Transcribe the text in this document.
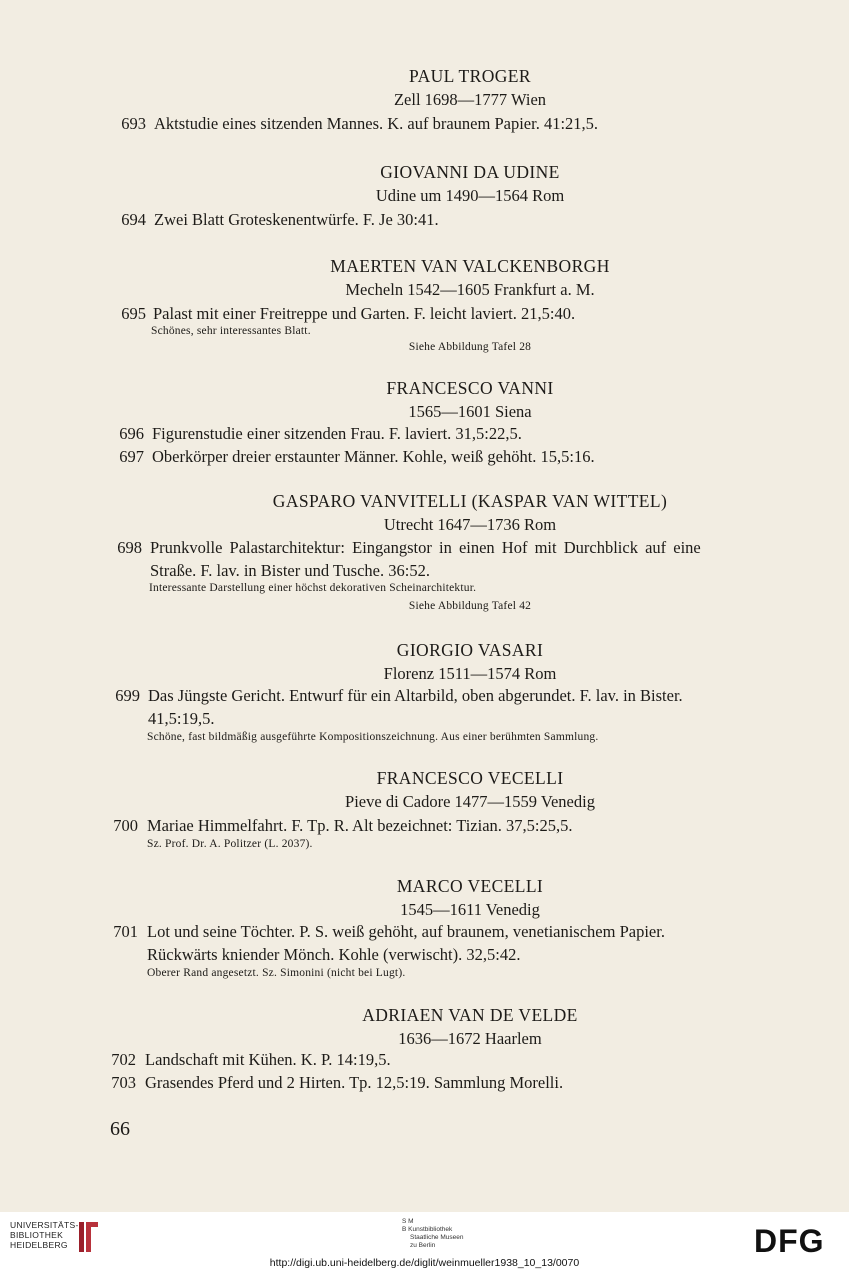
PAUL TROGER
Zell 1698—1777 Wien
693 Aktstudie eines sitzenden Mannes. K. auf braunem Papier. 41:21,5.
GIOVANNI DA UDINE
Udine um 1490—1564 Rom
694 Zwei Blatt Groteskenentwürfe. F. Je 30:41.
MAERTEN VAN VALCKENBORGH
Mecheln 1542—1605 Frankfurt a. M.
695 Palast mit einer Freitreppe und Garten. F. leicht laviert. 21,5:40.
Schönes, sehr interessantes Blatt.
Siehe Abbildung Tafel 28
FRANCESCO VANNI
1565—1601 Siena
696 Figurenstudie einer sitzenden Frau. F. laviert. 31,5:22,5.
697 Oberkörper dreier erstaunter Männer. Kohle, weiß gehöht. 15,5:16.
GASPARO VANVITELLI (KASPAR VAN WITTEL)
Utrecht 1647—1736 Rom
698 Prunkvolle Palastarchitektur: Eingangstor in einen Hof mit Durchblick auf eine
Straße. F. lav. in Bister und Tusche. 36:52.
Interessante Darstellung einer höchst dekorativen Scheinarchitektur.
Siehe Abbildung Tafel 42
GIORGIO VASARI
Florenz 1511—1574 Rom
699 Das Jüngste Gericht. Entwurf für ein Altarbild, oben abgerundet. F. lav. in Bister.
41,5:19,5.
Schöne, fast bildmäßig ausgeführte Kompositionszeichnung. Aus einer berühmten Sammlung.
FRANCESCO VECELLI
Pieve di Cadore 1477—1559 Venedig
700 Mariae Himmelfahrt. F. Tp. R. Alt bezeichnet: Tizian. 37,5:25,5.
Sz. Prof. Dr. A. Politzer (L. 2037).
MARCO VECELLI
1545—1611 Venedig
701 Lot und seine Töchter. P. S. weiß gehöht, auf braunem, venetianischem Papier.
Rückwärts kniender Mönch. Kohle (verwischt). 32,5:42.
Oberer Rand angesetzt. Sz. Simonini (nicht bei Lugt).
ADRIAEN VAN DE VELDE
1636—1672 Haarlem
702 Landschaft mit Kühen. K. P. 14:19,5.
703 Grasendes Pferd und 2 Hirten. Tp. 12,5:19. Sammlung Morelli.
66
UNIVERSITÄTS-
BIBLIOTHEK
HEIDELBERG
S M
B Kunstbibliothek
Staatliche Museen
zu Berlin	DFG
http://digi.ub.uni-heidelberg.de/diglit/weinmueller1938_10_13/0070
